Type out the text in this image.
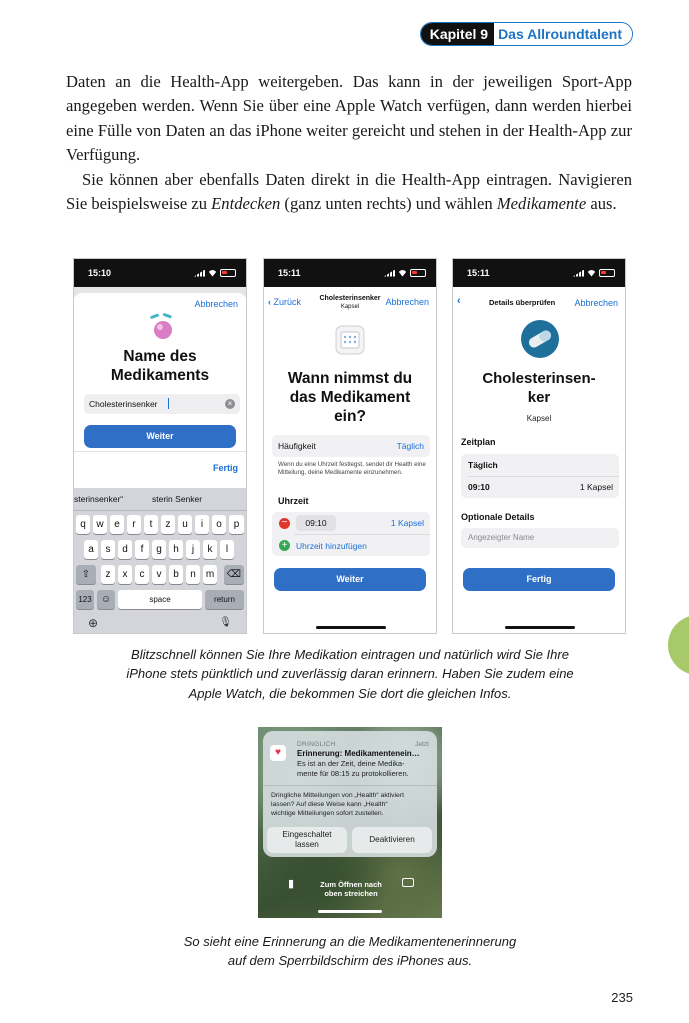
Kapitel 9 Das Allroundtalent

Daten an die Health-App weitergeben. Das kann in der jeweiligen Sport-App angegeben werden. Wenn Sie über eine Apple Watch verfügen, dann werden hierbei eine Fülle von Daten an das iPhone weiter gereicht und stehen in der Health-App zur Verfügung.

Sie können aber ebenfalls Daten direkt in die Health-App eintragen. Navigieren Sie beispielsweise zu Entdecken (ganz unten rechts) und wählen Medikamente aus.

15:10
Abbrechen
Name des
Medikaments
Cholesterinsenker	×
Weiter
Fertig
sterinsenker“	sterin Senker
q	w	e	r	t	z	u	i	o	p
a	s	d	f	g	h	j	k	l
⇧	z	x	c	v	b	n	m ⌫
123 ☺	space	return
⊕	🎙
15:11
‹ Zurück	Cholesterinsenker
Kapsel	Abbrechen
Wann nimmst du
das Medikament
ein?
Häufigkeit	Täglich
Wenn du eine Uhrzeit festlegst, sendet dir Health eine Mitteilung, deine Medikamente einzunehmen.
Uhrzeit
−	09:10	1 Kapsel
+	Uhrzeit hinzufügen
Weiter
15:11
‹	Details überprüfen Abbrechen
Cholesterinsen-
ker
Kapsel
Zeitplan
Täglich
09:10	1 Kapsel
Optionale Details
Angezeigter Name
Fertig
Blitzschnell können Sie Ihre Medikation eintragen und natürlich wird Sie Ihre
iPhone stets pünktlich und zuverlässig daran erinnern. Haben Sie zudem eine
Apple Watch, die bekommen Sie dort die gleichen Infos.
♥
DRINGLICH	Jetzt
Erinnerung: Medikamentenein…
Es ist an der Zeit, deine Medika-
mente für 08:15 zu protokollieren.
Dringliche Mitteilungen von „Health“ aktiviert
lassen? Auf diese Weise kann „Health“
wichtige Mitteilungen sofort zustellen.
Eingeschaltet
lassen
Deaktivieren
▮	Zum Öffnen nach
oben streichen
So sieht eine Erinnerung an die Medikamentenerinnerung
auf dem Sperrbildschirm des iPhones aus.
235
